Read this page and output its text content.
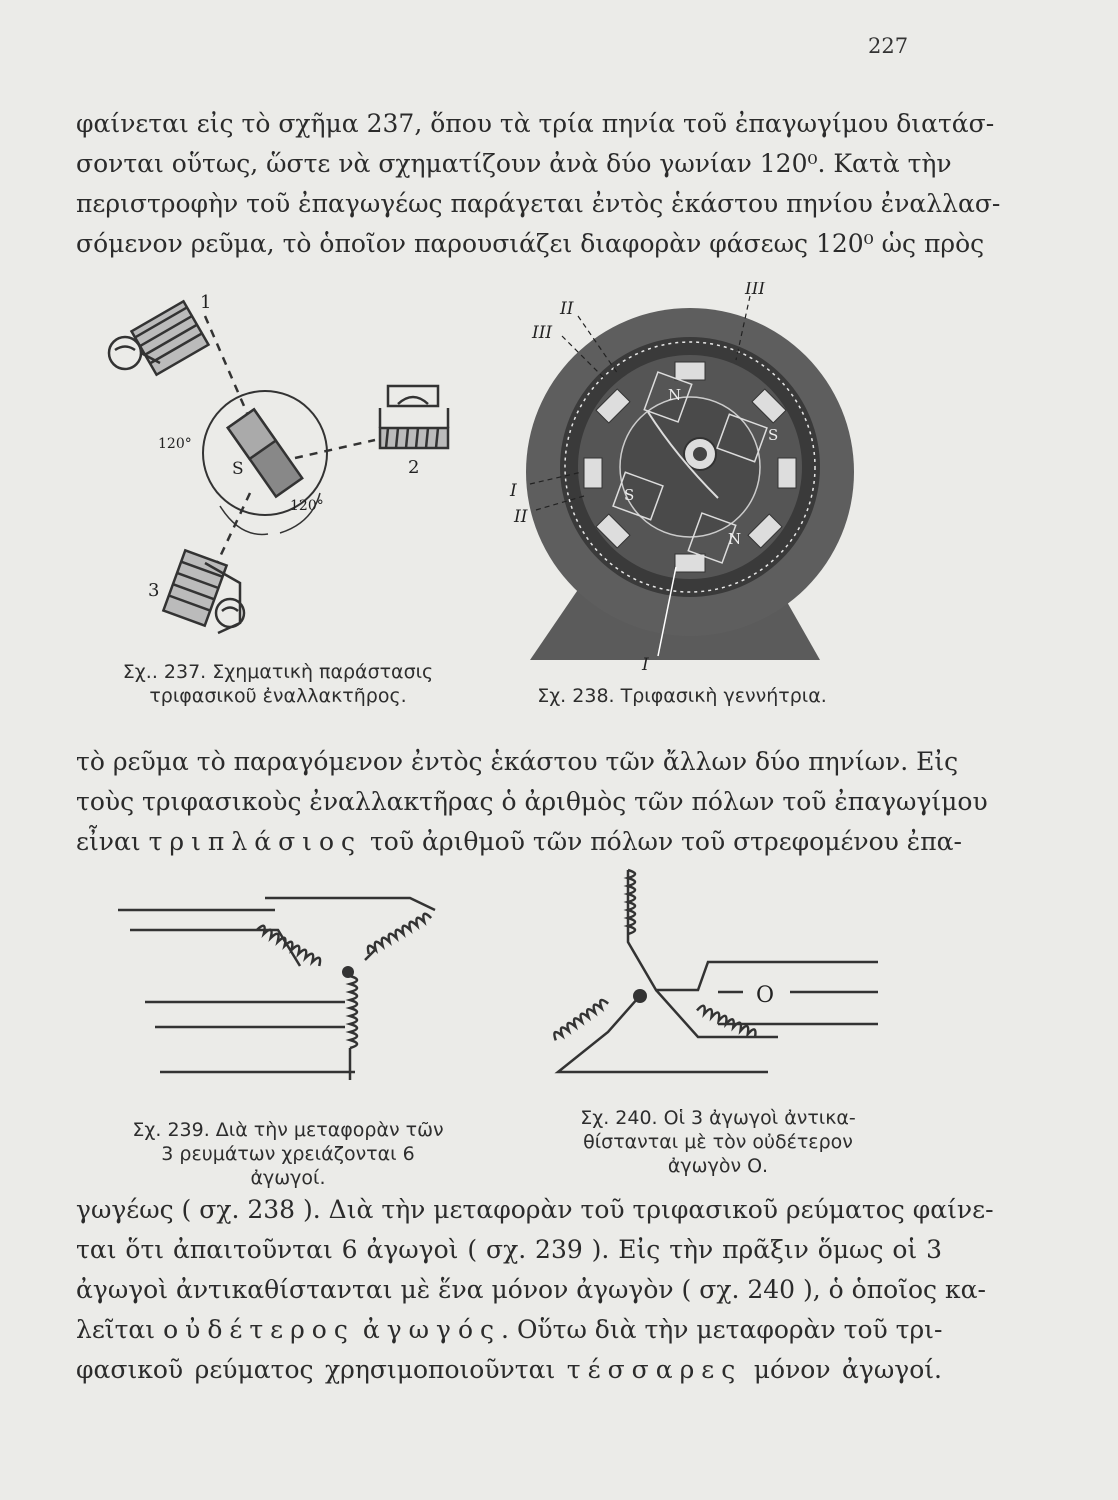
227
φαίνεται εἰς τὸ σχῆμα 237, ὅπου τὰ τρία πηνία τοῦ ἐπαγωγίμου διατάσ-
σονται οὕτως, ὥστε νὰ σχηματίζουν ἀνὰ δύο γωνίαν 120⁰. Κατὰ τὴν
περιστροφὴν τοῦ ἐπαγωγέως παράγεται ἐντὸς ἑκάστου πηνίου ἐναλλασ-
σόμενον ρεῦμα, τὸ ὁποῖον παρουσιάζει διαφορὰν φάσεως 120⁰ ὡς πρὸς
1
2
3
120°
120°
S
Σχ.. 237. Σχηματικὴ παράστασις
τριφασικοῦ ἐναλλακτῆρος.
N
S
N
S
II
III
III
I
II
I
Σχ. 238. Τριφασικὴ γεννήτρια.
τὸ ρεῦμα τὸ παραγόμενον ἐντὸς ἑκάστου τῶν ἄλλων δύο πηνίων. Εἰς
τοὺς τριφασικοὺς ἐναλλακτῆρας ὁ ἀριθμὸς τῶν πόλων τοῦ ἐπαγωγίμου
εἶναι τριπλάσιος τοῦ ἀριθμοῦ τῶν πόλων τοῦ στρεφομένου ἐπα-
Σχ. 239. Διὰ τὴν μεταφορὰν τῶν
3 ρευμάτων χρειάζονται 6
ἀγωγοί.
O
Σχ. 240. Οἱ 3 ἀγωγοὶ ἀντικα-
θίστανται μὲ τὸν οὐδέτερον
ἀγωγὸν Ο.
γωγέως ( σχ. 238 ). Διὰ τὴν μεταφορὰν τοῦ τριφασικοῦ ρεύματος φαίνε-
ται ὅτι ἀπαιτοῦνται 6 ἀγωγοὶ ( σχ. 239 ). Εἰς τὴν πρᾶξιν ὅμως οἱ 3
ἀγωγοὶ ἀντικαθίστανται μὲ ἕνα μόνον ἀγωγὸν ( σχ. 240 ), ὁ ὁποῖος κα-
λεῖται οὐδέτερος ἀγωγός. Οὕτω διὰ τὴν μεταφορὰν τοῦ τρι-
φασικοῦ ρεύματος χρησιμοποιοῦνται τέσσαρες μόνον ἀγωγοί.
